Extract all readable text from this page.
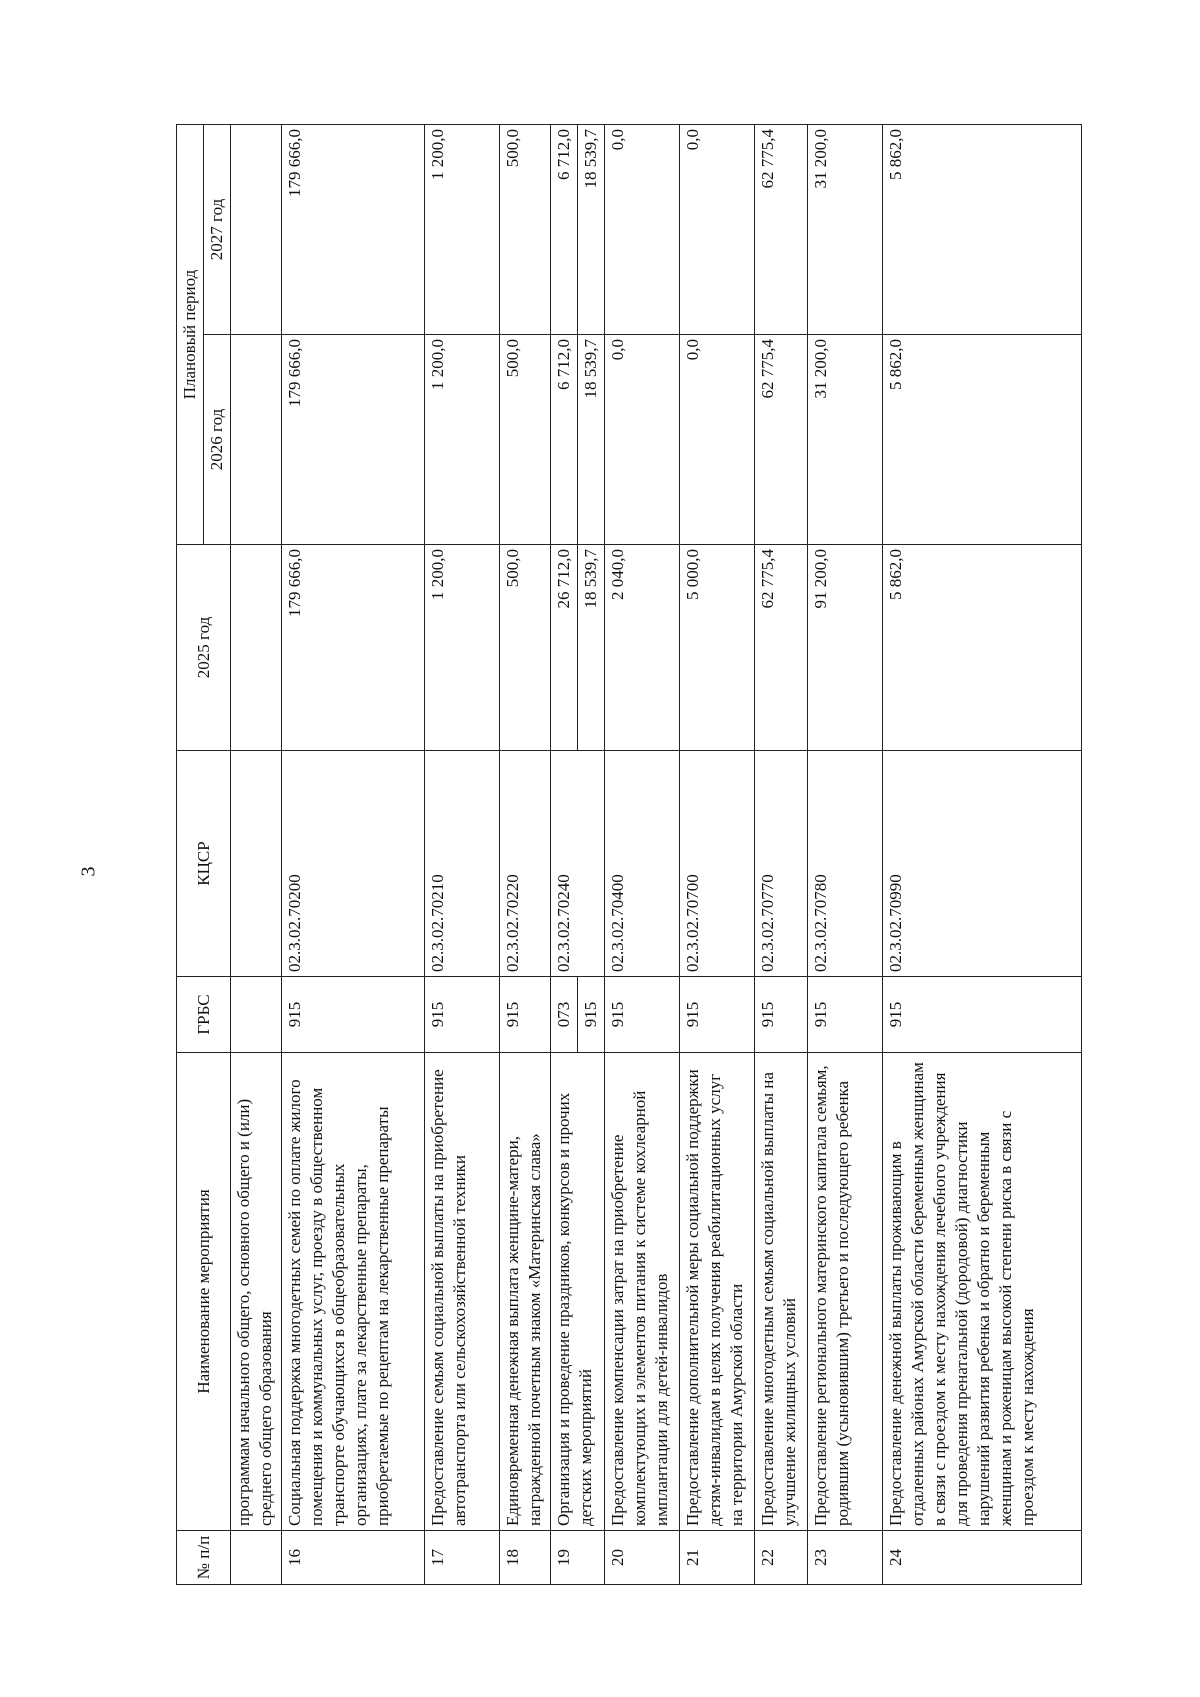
3
№ п/п	Наименование мероприятия	ГРБС	КЦСР	2025 год	Плановый период	
					2026 год	2027 год
	программам начального общего, основного общего и (или) среднего общего образования					
16	Социальная поддержка многодетных семей по оплате жилого помещения и коммунальных услуг, проезду в общественном транспорте обучающихся в общеобразовательных организациях, плате за лекарственные препараты, приобретаемые по рецептам на лекарственные препараты	915	02.3.02.70200	179 666,0	179 666,0	179 666,0
17	Предоставление семьям социальной выплаты на приобретение автотранспорта или сельскохозяйственной техники	915	02.3.02.70210	1 200,0	1 200,0	1 200,0
18	Единовременная денежная выплата женщине-матери, награжденной почетным знаком «Материнская слава»	915	02.3.02.70220	500,0	500,0	500,0
19	Организация и проведение праздников, конкурсов и прочих детских мероприятий	073	02.3.02.70240	26 712,0	6 712,0	6 712,0
		915		18 539,7	18 539,7	18 539,7
20	Предоставление компенсации затрат на приобретение комплектующих и элементов питания к системе кохлеарной имплантации для детей-инвалидов	915	02.3.02.70400	2 040,0	0,0	0,0
21	Предоставление дополнительной меры социальной поддержки детям-инвалидам в целях получения реабилитационных услуг на территории Амурской области	915	02.3.02.70700	5 000,0	0,0	0,0
22	Предоставление многодетным семьям социальной выплаты на улучшение жилищных условий	915	02.3.02.70770	62 775,4	62 775,4	62 775,4
23	Предоставление регионального материнского капитала семьям, родившим (усыновившим) третьего и последующего ребенка	915	02.3.02.70780	91 200,0	31 200,0	31 200,0
24	Предоставление денежной выплаты проживающим в отдаленных районах Амурской области беременным женщинам в связи с проездом к месту нахождения лечебного учреждения для проведения пренатальной (дородовой) диагностики нарушений развития ребенка и обратно и беременным женщинам и роженицам высокой степени риска в связи с проездом к месту нахождения	915	02.3.02.70990	5 862,0	5 862,0	5 862,0
